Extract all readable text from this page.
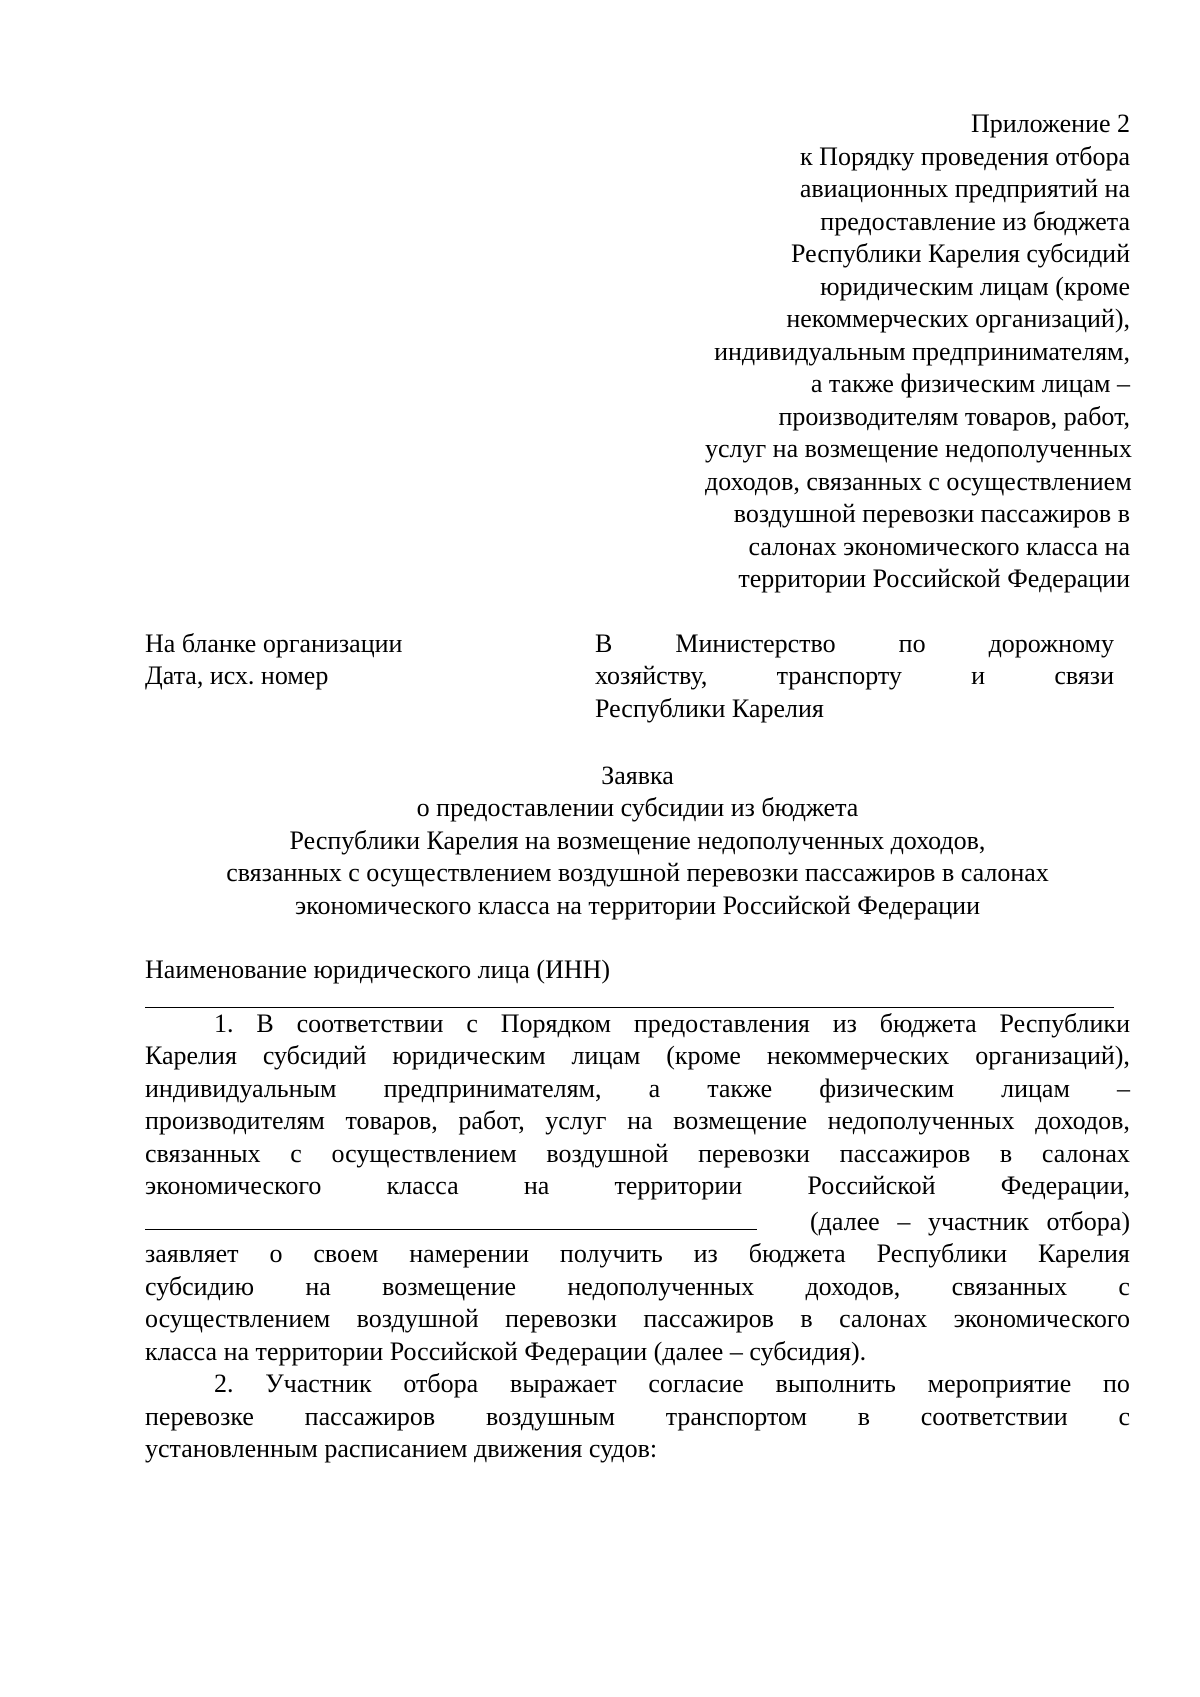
Приложение 2
к Порядку проведения отбора
авиационных предприятий на
предоставление из бюджета
Республики Карелия субсидий
юридическим лицам (кроме
некоммерческих организаций),
индивидуальным предпринимателям,
а также физическим лицам –
производителям товаров, работ,
услуг на возмещение недополученных
доходов, связанных с осуществлением
воздушной перевозки пассажиров в
салонах экономического класса на
территории Российской Федерации
На бланке организации
Дата, исх. номер
В Министерство по дорожному
хозяйству,	транспорту	и	связи
Республики Карелия
Заявка
о предоставлении субсидии из бюджета
Республики Карелия на возмещение недополученных доходов,
связанных с осуществлением воздушной перевозки пассажиров в салонах
экономического класса на территории Российской Федерации
Наименование юридического лица (ИНН)
1. В соответствии с Порядком предоставления из бюджета Республики
Карелия субсидий юридическим лицам (кроме некоммерческих организаций),
индивидуальным предпринимателям, а также физическим лицам –
производителям товаров, работ, услуг на возмещение недополученных доходов,
связанных с осуществлением воздушной перевозки пассажиров в салонах
экономического	класса	на	территории	Российской	Федерации,
(далее – участник отбора)
заявляет о своем намерении получить из бюджета Республики Карелия
субсидию на возмещение недополученных доходов, связанных с
осуществлением воздушной перевозки пассажиров в салонах экономического
класса на территории Российской Федерации (далее – субсидия).
2. Участник отбора выражает согласие выполнить мероприятие по
перевозке пассажиров воздушным транспортом в соответствии с
установленным расписанием движения судов:
